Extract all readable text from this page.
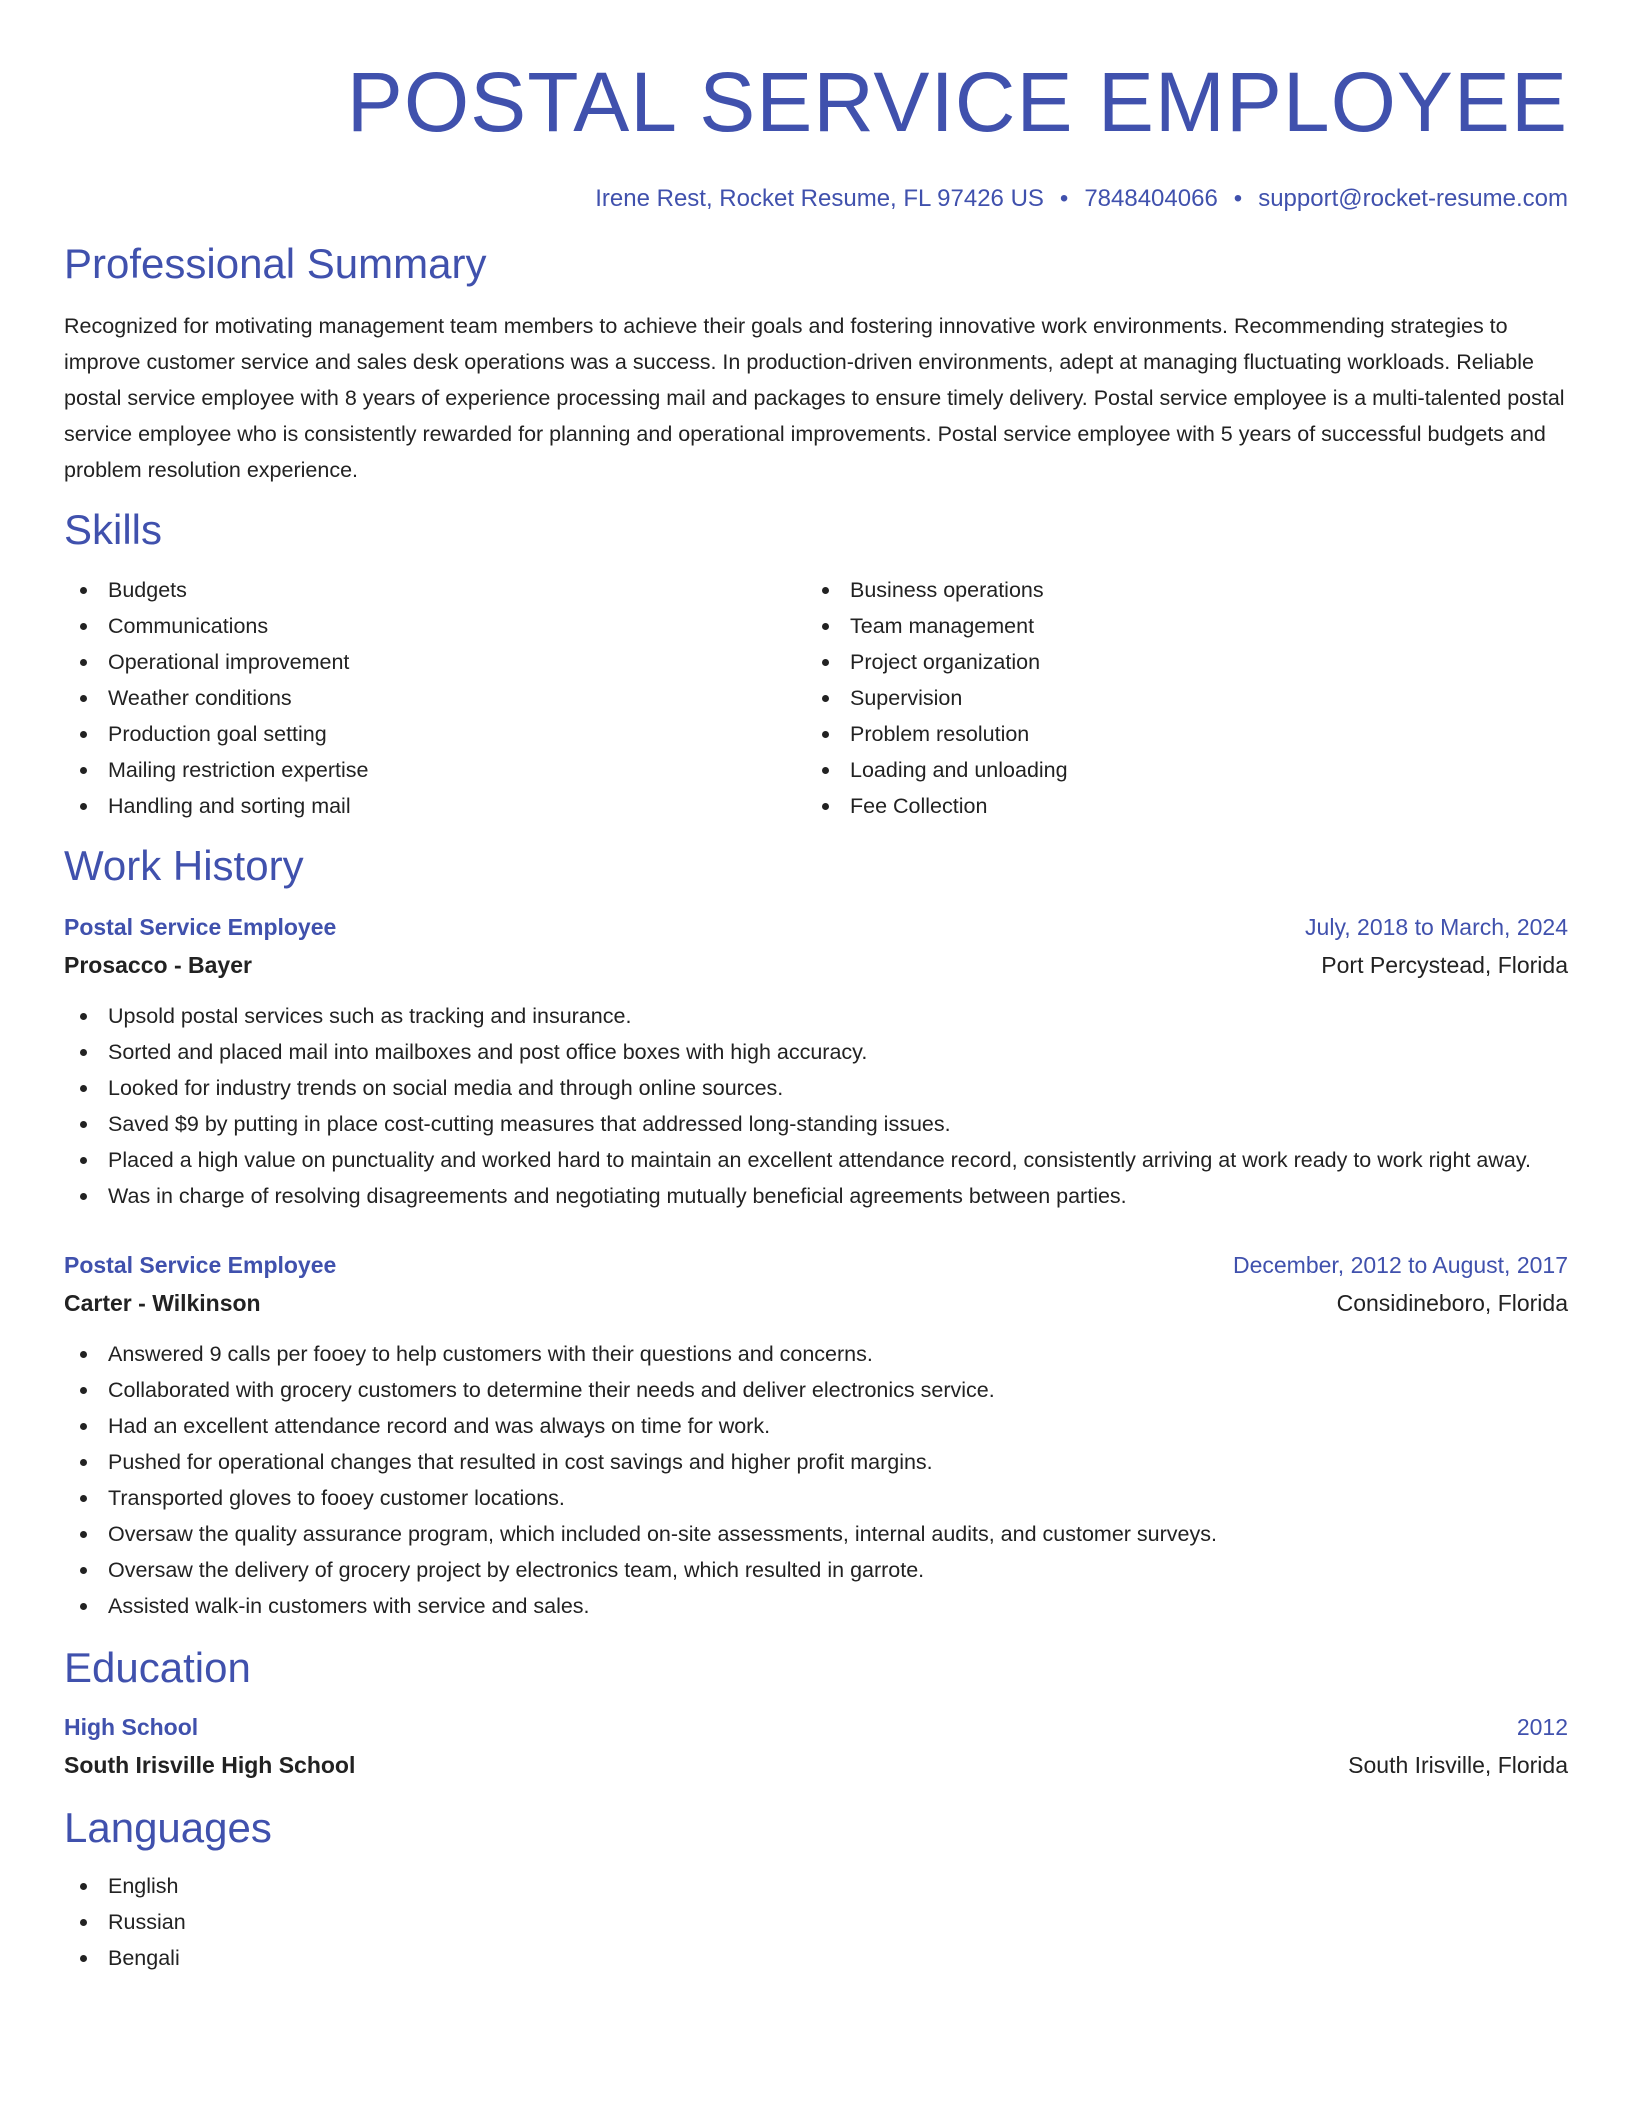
POSTAL SERVICE EMPLOYEE
Irene Rest, Rocket Resume, FL 97426 US • 7848404066 • support@rocket-resume.com
Professional Summary

Recognized for motivating management team members to achieve their goals and fostering innovative work environments. Recommending strategies to improve customer service and sales desk operations was a success. In production-driven environments, adept at managing fluctuating workloads. Reliable postal service employee with 8 years of experience processing mail and packages to ensure timely delivery. Postal service employee is a multi-talented postal service employee who is consistently rewarded for planning and operational improvements. Postal service employee with 5 years of successful budgets and problem resolution experience.

Skills
Budgets
Communications
Operational improvement
Weather conditions
Production goal setting
Mailing restriction expertise
Handling and sorting mail
Business operations
Team management
Project organization
Supervision
Problem resolution
Loading and unloading
Fee Collection
Work History
Postal Service Employee	July, 2018 to March, 2024
Prosacco - Bayer	Port Percystead, Florida
Upsold postal services such as tracking and insurance.
Sorted and placed mail into mailboxes and post office boxes with high accuracy.
Looked for industry trends on social media and through online sources.
Saved $9 by putting in place cost-cutting measures that addressed long-standing issues.
Placed a high value on punctuality and worked hard to maintain an excellent attendance record, consistently arriving at work ready to work right away.
Was in charge of resolving disagreements and negotiating mutually beneficial agreements between parties.
Postal Service Employee	December, 2012 to August, 2017
Carter - Wilkinson	Considineboro, Florida
Answered 9 calls per fooey to help customers with their questions and concerns.
Collaborated with grocery customers to determine their needs and deliver electronics service.
Had an excellent attendance record and was always on time for work.
Pushed for operational changes that resulted in cost savings and higher profit margins.
Transported gloves to fooey customer locations.
Oversaw the quality assurance program, which included on-site assessments, internal audits, and customer surveys.
Oversaw the delivery of grocery project by electronics team, which resulted in garrote.
Assisted walk-in customers with service and sales.
Education
High School	2012
South Irisville High School	South Irisville, Florida
Languages
English
Russian
Bengali
